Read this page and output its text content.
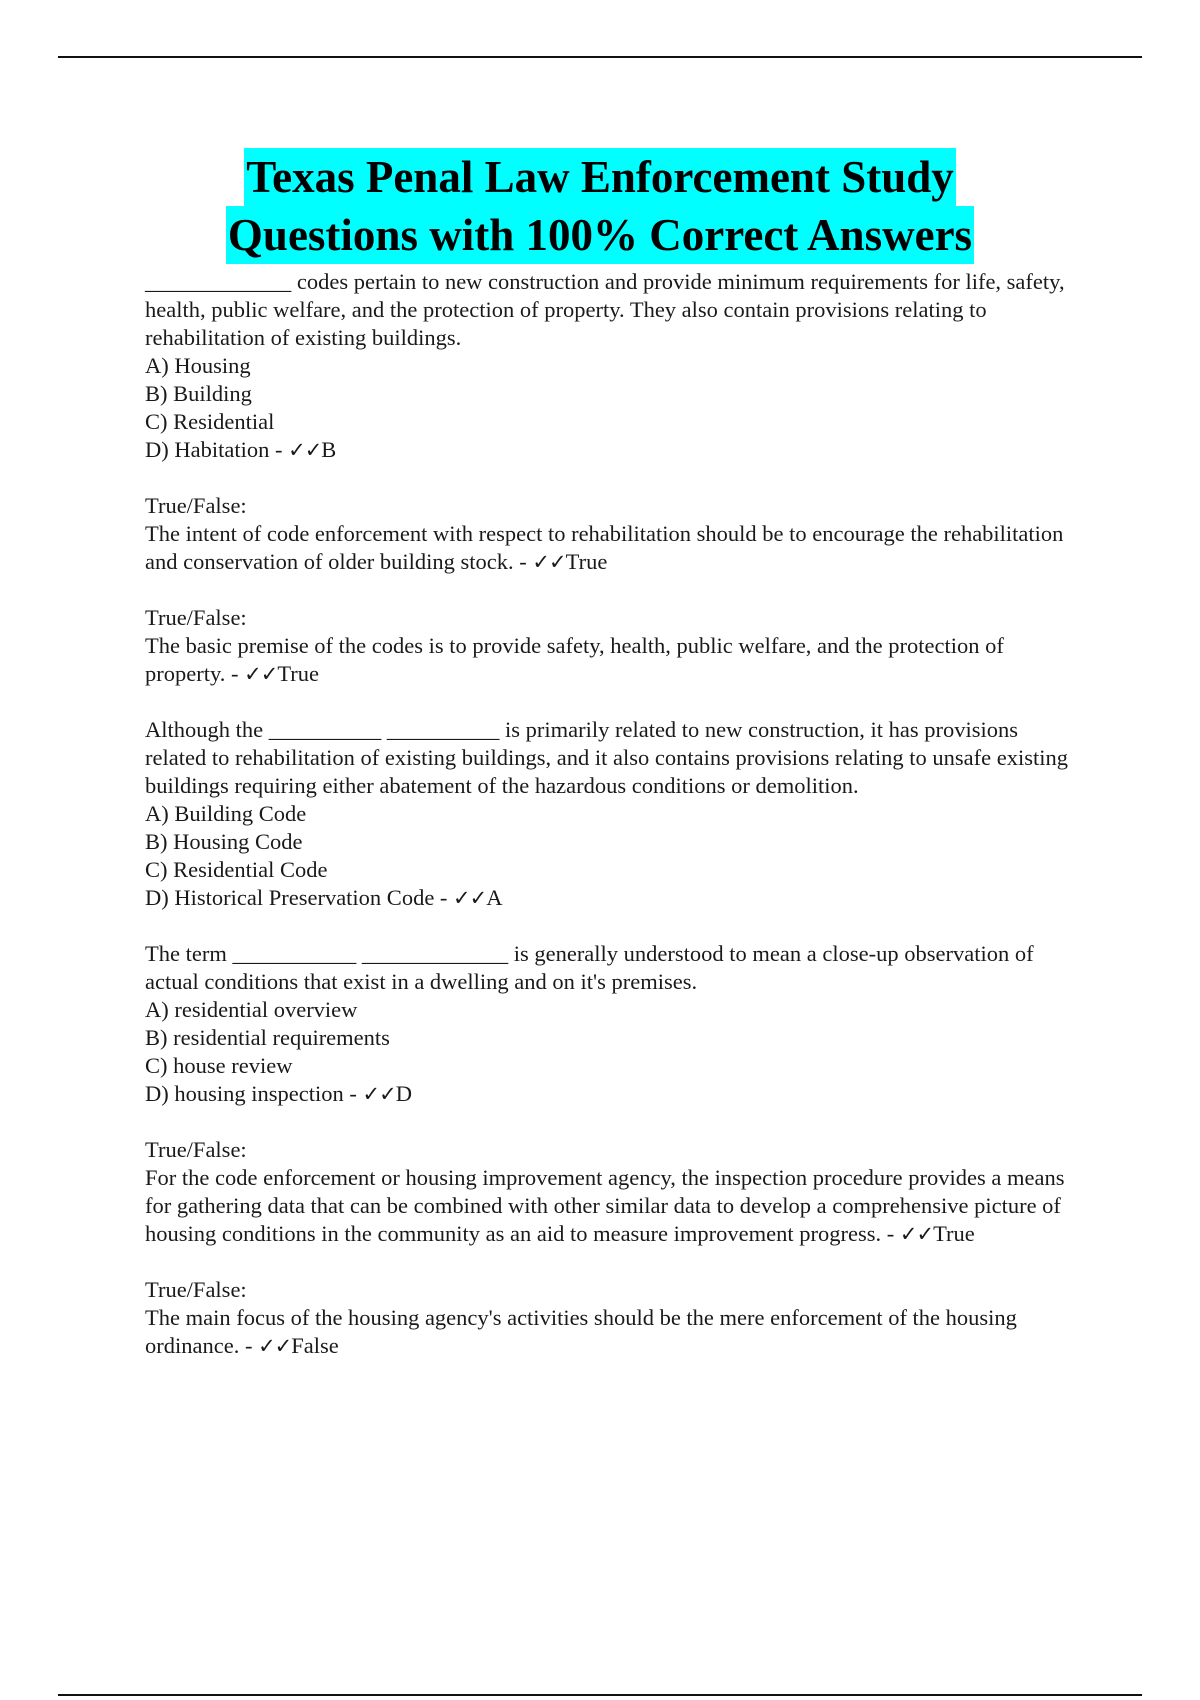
Texas Penal Law Enforcement Study
Questions with 100% Correct Answers

_____________ codes pertain to new construction and provide minimum requirements for life, safety, health, public welfare, and the protection of property. They also contain provisions relating to rehabilitation of existing buildings.

A) Housing

B) Building

C) Residential

D) Habitation - ✓✓B

True/False:

The intent of code enforcement with respect to rehabilitation should be to encourage the rehabilitation and conservation of older building stock. - ✓✓True

True/False:

The basic premise of the codes is to provide safety, health, public welfare, and the protection of property. - ✓✓True

Although the __________ __________ is primarily related to new construction, it has provisions related to rehabilitation of existing buildings, and it also contains provisions relating to unsafe existing buildings requiring either abatement of the hazardous conditions or demolition.

A) Building Code

B) Housing Code

C) Residential Code

D) Historical Preservation Code - ✓✓A

The term ___________ _____________ is generally understood to mean a close-up observation of actual conditions that exist in a dwelling and on it's premises.

A) residential overview

B) residential requirements

C) house review

D) housing inspection - ✓✓D

True/False:

For the code enforcement or housing improvement agency, the inspection procedure provides a means for gathering data that can be combined with other similar data to develop a comprehensive picture of housing conditions in the community as an aid to measure improvement progress. - ✓✓True

True/False:

The main focus of the housing agency's activities should be the mere enforcement of the housing ordinance. - ✓✓False
